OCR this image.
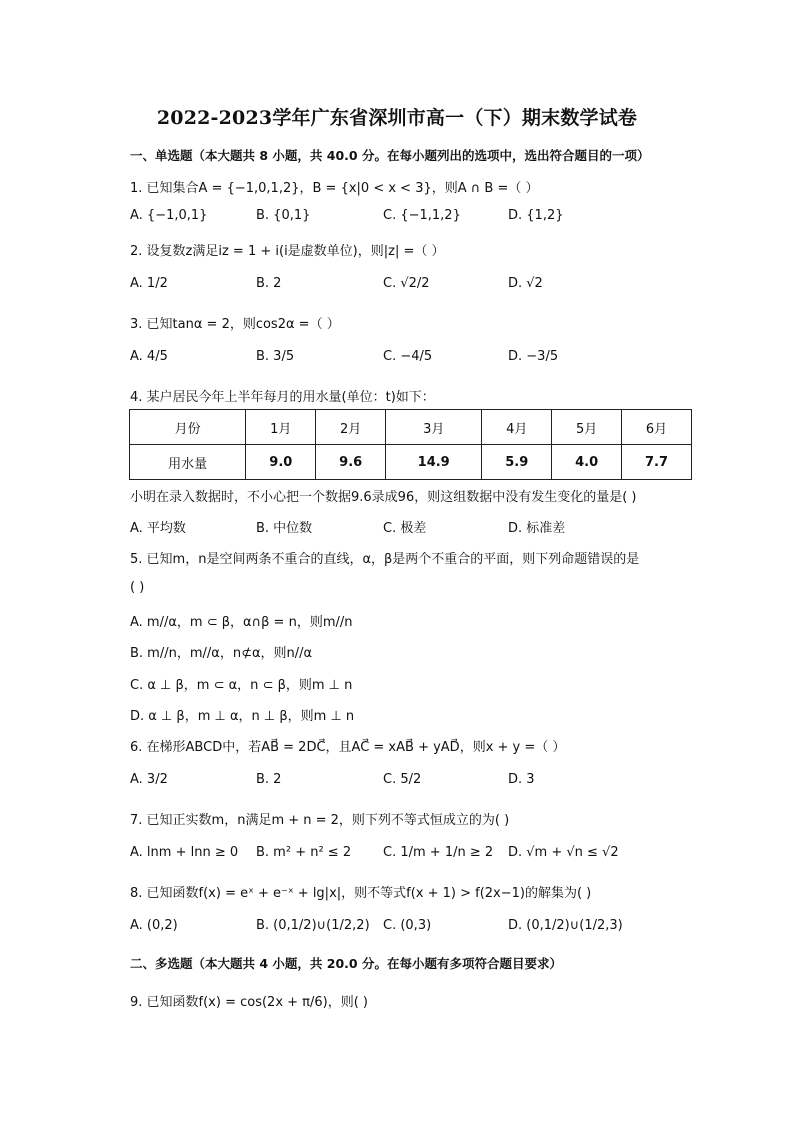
2022-2023学年广东省深圳市高一（下）期末数学试卷
一、单选题（本大题共 8 小题，共 40.0 分。在每小题列出的选项中，选出符合题目的一项）
1. 已知集合A = {−1,0,1,2}，B = {x|0 < x < 3}，则A ∩ B =（ ）
A. {−1,0,1}	B. {0,1}	C. {−1,1,2}	D. {1,2}
2. 设复数z满足iz = 1 + i(i是虚数单位)，则|z| =（ ）
A. 1/2	B. 2	C. √2/2	D. √2
3. 已知tanα = 2，则cos2α =（ ）
A. 4/5	B. 3/5	C. −4/5	D. −3/5
4. 某户居民今年上半年每月的用水量(单位：t)如下：
月份	1月	2月	3月	4月	5月	6月
用水量	9.0	9.6	14.9	5.9	4.0	7.7
小明在录入数据时，不小心把一个数据9.6录成96，则这组数据中没有发生变化的量是( )
A. 平均数	B. 中位数	C. 极差	D. 标准差
5. 已知m，n是空间两条不重合的直线，α，β是两个不重合的平面，则下列命题错误的是
( )
A. m//α，m ⊂ β，α∩β = n，则m//n
B. m//n，m//α，n⊄α，则n//α
C. α ⊥ β，m ⊂ α，n ⊂ β，则m ⊥ n
D. α ⊥ β，m ⊥ α，n ⊥ β，则m ⊥ n
6. 在梯形ABCD中，若AB⃗ = 2DC⃗，且AC⃗ = xAB⃗ + yAD⃗，则x + y =（ ）
A. 3/2	B. 2	C. 5/2	D. 3
7. 已知正实数m，n满足m + n = 2，则下列不等式恒成立的为( )
A. lnm + lnn ≥ 0 B. m² + n² ≤ 2 C. 1/m + 1/n ≥ 2 D. √m + √n ≤ √2
8. 已知函数f(x) = eˣ + e⁻ˣ + lg|x|，则不等式f(x + 1) > f(2x−1)的解集为( )
A. (0,2)	B. (0,1/2)∪(1/2,2) C. (0,3)	D. (0,1/2)∪(1/2,3)
二、多选题（本大题共 4 小题，共 20.0 分。在每小题有多项符合题目要求）
9. 已知函数f(x) = cos(2x + π/6)，则( )
